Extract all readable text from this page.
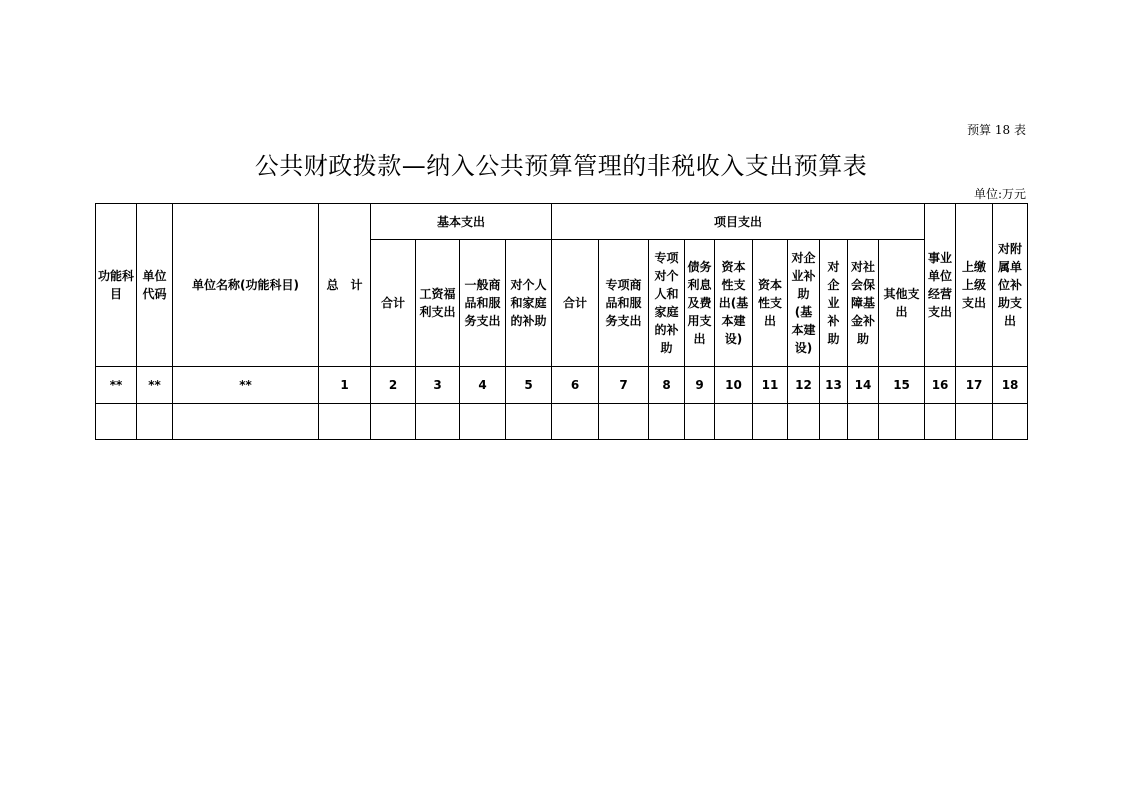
预算 18 表
公共财政拨款—纳入公共预算管理的非税收入支出预算表
单位:万元
功能科目	单位代码	单位名称(功能科目)	总　计	基本支出				项目支出										事业单位经营支出	上缴上级支出	对附属单位补助支出
				合计	工资福利支出	一般商品和服务支出	对个人和家庭的补助	合计	专项商品和服务支出	专项对个人和家庭的补助	债务利息及费用支出	资本性支出(基本建设)	资本性支出	对企业补助(基本建设)	对企业补助	对社会保障基金补助	其他支出			
**	**	**	1	2	3	4	5	6	7	8	9	10	11	12	13	14	15	16	17	18
